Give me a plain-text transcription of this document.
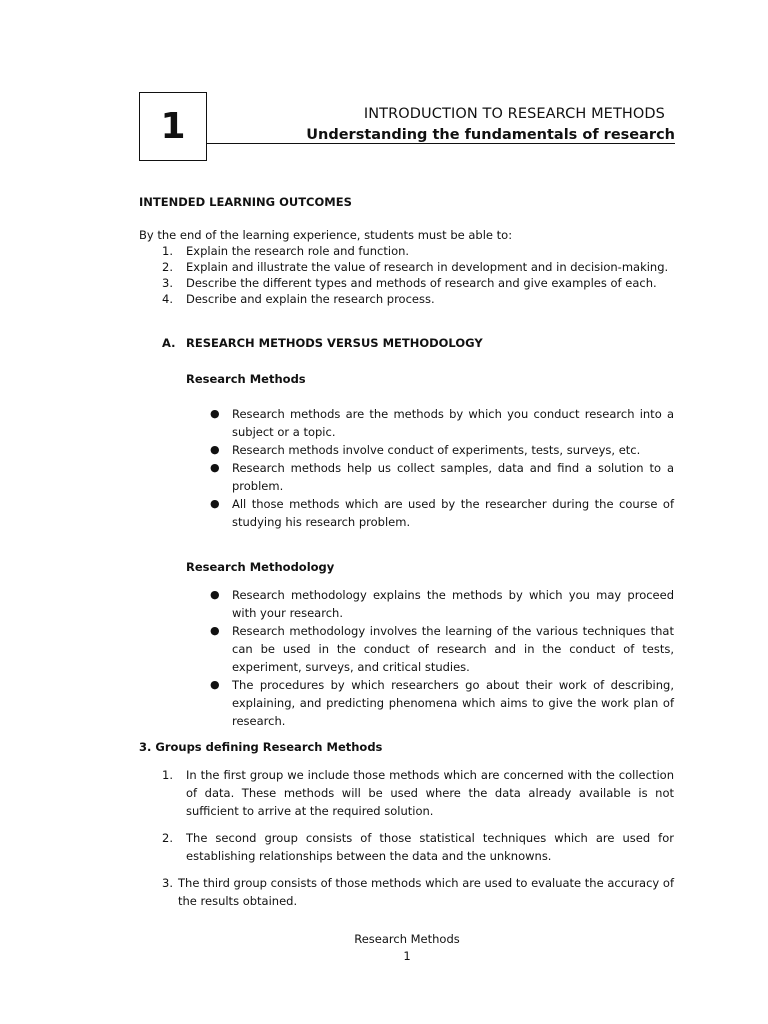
1	INTRODUCTION TO RESEARCH METHODS
Understanding the fundamentals of research
INTENDED LEARNING OUTCOMES
By the end of the learning experience, students must be able to:
1. Explain the research role and function.
2. Explain and illustrate the value of research in development and in decision-making.
3. Describe the different types and methods of research and give examples of each.
4. Describe and explain the research process.
A. RESEARCH METHODS VERSUS METHODOLOGY
Research Methods
● Research methods are the methods by which you conduct research into a subject or a topic.
● Research methods involve conduct of experiments, tests, surveys, etc.
● Research methods help us collect samples, data and find a solution to a problem.
● All those methods which are used by the researcher during the course of studying his research problem.
Research Methodology
● Research methodology explains the methods by which you may proceed with your research.
● Research methodology involves the learning of the various techniques that can be used in the conduct of research and in the conduct of tests, experiment, surveys, and critical studies.
● The procedures by which researchers go about their work of describing, explaining, and predicting phenomena which aims to give the work plan of research.
3. Groups defining Research Methods
1. In the first group we include those methods which are concerned with the collection of data. These methods will be used where the data already available is not sufficient to arrive at the required solution.
2. The second group consists of those statistical techniques which are used for establishing relationships between the data and the unknowns.
3. The third group consists of those methods which are used to evaluate the accuracy of the results obtained.
Research Methods
1
